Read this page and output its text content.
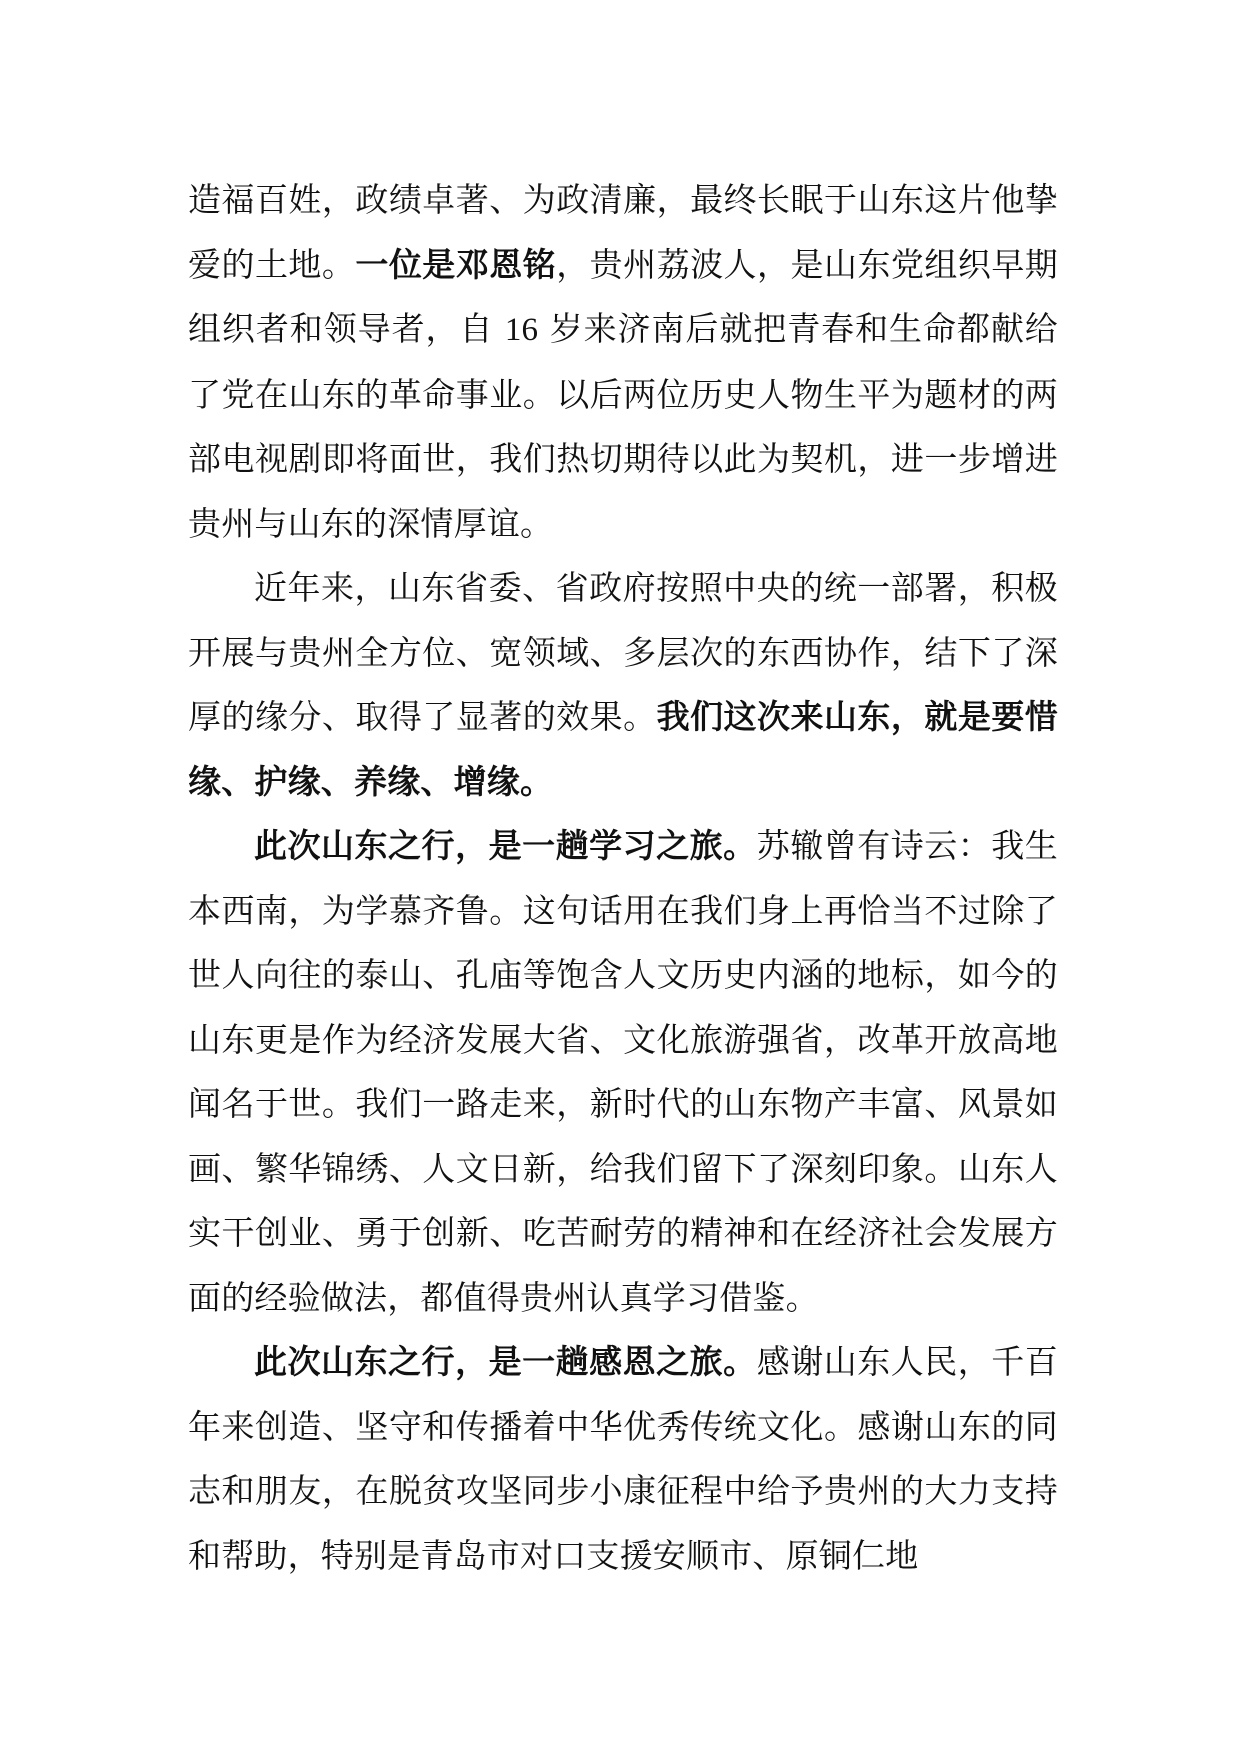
造福百姓，政绩卓著、为政清廉，最终长眠于山东这片他挚爱的土地。一位是邓恩铭，贵州荔波人，是山东党组织早期组织者和领导者，自 16 岁来济南后就把青春和生命都献给了党在山东的革命事业。以后两位历史人物生平为题材的两部电视剧即将面世，我们热切期待以此为契机，进一步增进贵州与山东的深情厚谊。

近年来，山东省委、省政府按照中央的统一部署，积极开展与贵州全方位、宽领域、多层次的东西协作，结下了深厚的缘分、取得了显著的效果。我们这次来山东，就是要惜缘、护缘、养缘、增缘。

此次山东之行，是一趟学习之旅。苏辙曾有诗云：我生本西南，为学慕齐鲁。这句话用在我们身上再恰当不过除了世人向往的泰山、孔庙等饱含人文历史内涵的地标，如今的山东更是作为经济发展大省、文化旅游强省，改革开放高地闻名于世。我们一路走来，新时代的山东物产丰富、风景如画、繁华锦绣、人文日新，给我们留下了深刻印象。山东人实干创业、勇于创新、吃苦耐劳的精神和在经济社会发展方面的经验做法，都值得贵州认真学习借鉴。

此次山东之行，是一趟感恩之旅。感谢山东人民，千百年来创造、坚守和传播着中华优秀传统文化。感谢山东的同志和朋友，在脱贫攻坚同步小康征程中给予贵州的大力支持和帮助，特别是青岛市对口支援安顺市、原铜仁地
